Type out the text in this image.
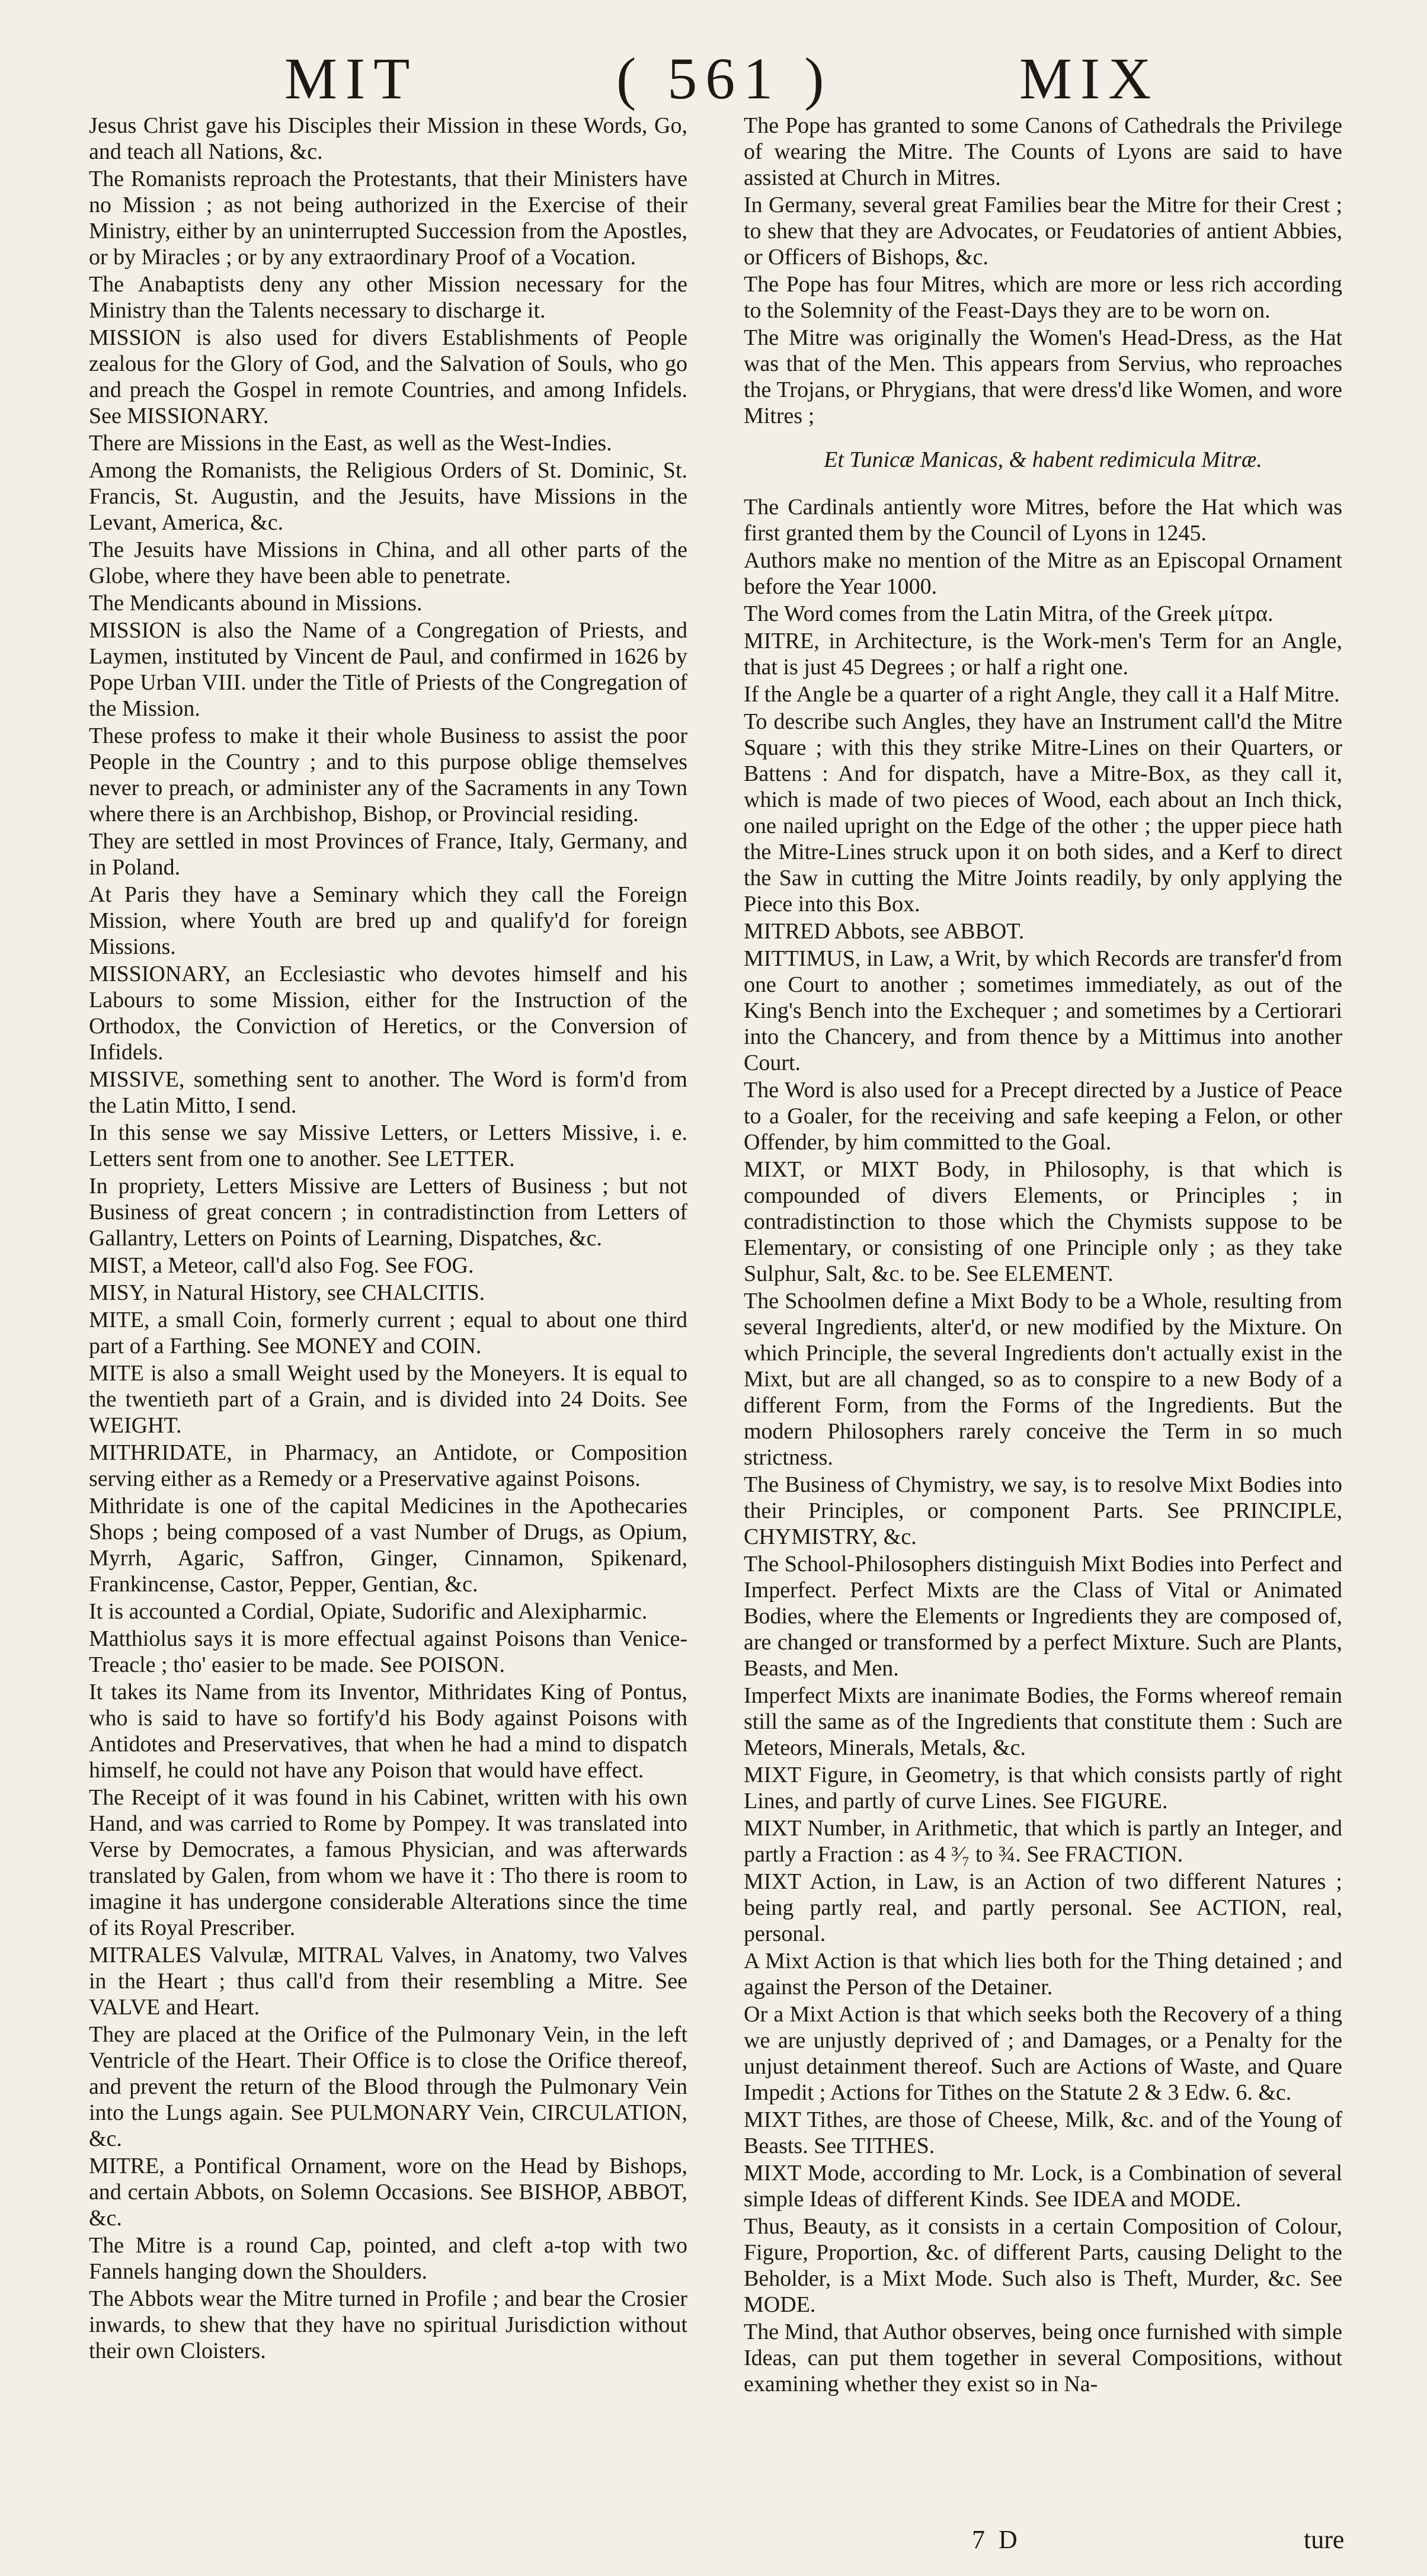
MIT	( 561 )	MIX

Jesus Christ gave his Disciples their Mission in these Words, Go, and teach all Nations, &c.

The Romanists reproach the Protestants, that their Ministers have no Mission ; as not being authorized in the Exercise of their Ministry, either by an uninterrupted Succession from the Apostles, or by Miracles ; or by any extraordinary Proof of a Vocation.

The Anabaptists deny any other Mission necessary for the Ministry than the Talents necessary to discharge it.

MISSION is also used for divers Establishments of People zealous for the Glory of God, and the Salvation of Souls, who go and preach the Gospel in remote Countries, and among Infidels. See MISSIONARY.

There are Missions in the East, as well as the West-Indies.

Among the Romanists, the Religious Orders of St. Dominic, St. Francis, St. Augustin, and the Jesuits, have Missions in the Levant, America, &c.

The Jesuits have Missions in China, and all other parts of the Globe, where they have been able to penetrate.

The Mendicants abound in Missions.

MISSION is also the Name of a Congregation of Priests, and Laymen, instituted by Vincent de Paul, and confirmed in 1626 by Pope Urban VIII. under the Title of Priests of the Congregation of the Mission.

These profess to make it their whole Business to assist the poor People in the Country ; and to this purpose oblige themselves never to preach, or administer any of the Sacraments in any Town where there is an Archbishop, Bishop, or Provincial residing.

They are settled in most Provinces of France, Italy, Germany, and in Poland.

At Paris they have a Seminary which they call the Foreign Mission, where Youth are bred up and qualify'd for foreign Missions.

MISSIONARY, an Ecclesiastic who devotes himself and his Labours to some Mission, either for the Instruction of the Orthodox, the Conviction of Heretics, or the Conversion of Infidels.

MISSIVE, something sent to another. The Word is form'd from the Latin Mitto, I send.

In this sense we say Missive Letters, or Letters Missive, i. e. Letters sent from one to another. See LETTER.

In propriety, Letters Missive are Letters of Business ; but not Business of great concern ; in contradistinction from Letters of Gallantry, Letters on Points of Learning, Dispatches, &c.

MIST, a Meteor, call'd also Fog. See FOG.

MISY, in Natural History, see CHALCITIS.

MITE, a small Coin, formerly current ; equal to about one third part of a Farthing. See MONEY and COIN.

MITE is also a small Weight used by the Moneyers. It is equal to the twentieth part of a Grain, and is divided into 24 Doits. See WEIGHT.

MITHRIDATE, in Pharmacy, an Antidote, or Composition serving either as a Remedy or a Preservative against Poisons.

Mithridate is one of the capital Medicines in the Apothecaries Shops ; being composed of a vast Number of Drugs, as Opium, Myrrh, Agaric, Saffron, Ginger, Cinnamon, Spikenard, Frankincense, Castor, Pepper, Gentian, &c.

It is accounted a Cordial, Opiate, Sudorific and Alexipharmic.

Matthiolus says it is more effectual against Poisons than Venice-Treacle ; tho' easier to be made. See POISON.

It takes its Name from its Inventor, Mithridates King of Pontus, who is said to have so fortify'd his Body against Poisons with Antidotes and Preservatives, that when he had a mind to dispatch himself, he could not have any Poison that would have effect.

The Receipt of it was found in his Cabinet, written with his own Hand, and was carried to Rome by Pompey. It was translated into Verse by Democrates, a famous Physician, and was afterwards translated by Galen, from whom we have it : Tho there is room to imagine it has undergone considerable Alterations since the time of its Royal Prescriber.

MITRALES Valvulæ, MITRAL Valves, in Anatomy, two Valves in the Heart ; thus call'd from their resembling a Mitre. See VALVE and Heart.

They are placed at the Orifice of the Pulmonary Vein, in the left Ventricle of the Heart. Their Office is to close the Orifice thereof, and prevent the return of the Blood through the Pulmonary Vein into the Lungs again. See PULMONARY Vein, CIRCULATION, &c.

MITRE, a Pontifical Ornament, wore on the Head by Bishops, and certain Abbots, on Solemn Occasions. See BISHOP, ABBOT, &c.

The Mitre is a round Cap, pointed, and cleft a-top with two Fannels hanging down the Shoulders.

The Abbots wear the Mitre turned in Profile ; and bear the Crosier inwards, to shew that they have no spiritual Jurisdiction without their own Cloisters.

The Pope has granted to some Canons of Cathedrals the Privilege of wearing the Mitre. The Counts of Lyons are said to have assisted at Church in Mitres.

In Germany, several great Families bear the Mitre for their Crest ; to shew that they are Advocates, or Feudatories of antient Abbies, or Officers of Bishops, &c.

The Pope has four Mitres, which are more or less rich according to the Solemnity of the Feast-Days they are to be worn on.

The Mitre was originally the Women's Head-Dress, as the Hat was that of the Men. This appears from Servius, who reproaches the Trojans, or Phrygians, that were dress'd like Women, and wore Mitres ;

Et Tunicæ Manicas, & habent redimicula Mitræ.

The Cardinals antiently wore Mitres, before the Hat which was first granted them by the Council of Lyons in 1245.

Authors make no mention of the Mitre as an Episcopal Ornament before the Year 1000.

The Word comes from the Latin Mitra, of the Greek μίτρα.

MITRE, in Architecture, is the Work-men's Term for an Angle, that is just 45 Degrees ; or half a right one.

If the Angle be a quarter of a right Angle, they call it a Half Mitre.

To describe such Angles, they have an Instrument call'd the Mitre Square ; with this they strike Mitre-Lines on their Quarters, or Battens : And for dispatch, have a Mitre-Box, as they call it, which is made of two pieces of Wood, each about an Inch thick, one nailed upright on the Edge of the other ; the upper piece hath the Mitre-Lines struck upon it on both sides, and a Kerf to direct the Saw in cutting the Mitre Joints readily, by only applying the Piece into this Box.

MITRED Abbots, see ABBOT.

MITTIMUS, in Law, a Writ, by which Records are transfer'd from one Court to another ; sometimes immediately, as out of the King's Bench into the Exchequer ; and sometimes by a Certiorari into the Chancery, and from thence by a Mittimus into another Court.

The Word is also used for a Precept directed by a Justice of Peace to a Goaler, for the receiving and safe keeping a Felon, or other Offender, by him committed to the Goal.

MIXT, or MIXT Body, in Philosophy, is that which is compounded of divers Elements, or Principles ; in contradistinction to those which the Chymists suppose to be Elementary, or consisting of one Principle only ; as they take Sulphur, Salt, &c. to be. See ELEMENT.

The Schoolmen define a Mixt Body to be a Whole, resulting from several Ingredients, alter'd, or new modified by the Mixture. On which Principle, the several Ingredients don't actually exist in the Mixt, but are all changed, so as to conspire to a new Body of a different Form, from the Forms of the Ingredients. But the modern Philosophers rarely conceive the Term in so much strictness.

The Business of Chymistry, we say, is to resolve Mixt Bodies into their Principles, or component Parts. See PRINCIPLE, CHYMISTRY, &c.

The School-Philosophers distinguish Mixt Bodies into Perfect and Imperfect. Perfect Mixts are the Class of Vital or Animated Bodies, where the Elements or Ingredients they are composed of, are changed or transformed by a perfect Mixture. Such are Plants, Beasts, and Men.

Imperfect Mixts are inanimate Bodies, the Forms whereof remain still the same as of the Ingredients that constitute them : Such are Meteors, Minerals, Metals, &c.

MIXT Figure, in Geometry, is that which consists partly of right Lines, and partly of curve Lines. See FIGURE.

MIXT Number, in Arithmetic, that which is partly an Integer, and partly a Fraction : as 4 ³⁄₇ to ¾. See FRACTION.

MIXT Action, in Law, is an Action of two different Natures ; being partly real, and partly personal. See ACTION, real, personal.

A Mixt Action is that which lies both for the Thing detained ; and against the Person of the Detainer.

Or a Mixt Action is that which seeks both the Recovery of a thing we are unjustly deprived of ; and Damages, or a Penalty for the unjust detainment thereof. Such are Actions of Waste, and Quare Impedit ; Actions for Tithes on the Statute 2 & 3 Edw. 6. &c.

MIXT Tithes, are those of Cheese, Milk, &c. and of the Young of Beasts. See TITHES.

MIXT Mode, according to Mr. Lock, is a Combination of several simple Ideas of different Kinds. See IDEA and MODE.

Thus, Beauty, as it consists in a certain Composition of Colour, Figure, Proportion, &c. of different Parts, causing Delight to the Beholder, is a Mixt Mode. Such also is Theft, Murder, &c. See MODE.

The Mind, that Author observes, being once furnished with simple Ideas, can put them together in several Compositions, without examining whether they exist so in Na-

7 D	ture
